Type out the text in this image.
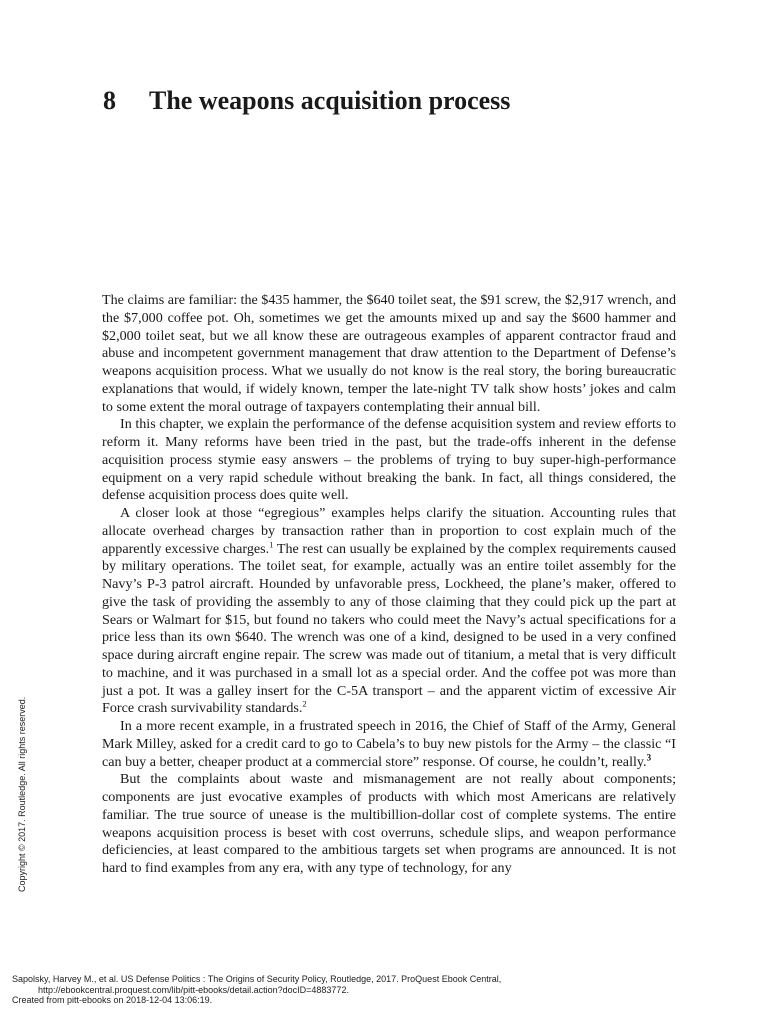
8 The weapons acquisition process

The claims are familiar: the $435 hammer, the $640 toilet seat, the $91 screw, the $2,917 wrench, and the $7,000 coffee pot. Oh, sometimes we get the amounts mixed up and say the $600 hammer and $2,000 toilet seat, but we all know these are outrageous examples of apparent contractor fraud and abuse and incompetent government management that draw attention to the Department of Defense’s weapons acquisition process. What we usually do not know is the real story, the boring bureaucratic explanations that would, if widely known, temper the late-night TV talk show hosts’ jokes and calm to some extent the moral outrage of taxpayers contemplating their annual bill.

In this chapter, we explain the performance of the defense acquisition system and review efforts to reform it. Many reforms have been tried in the past, but the trade-offs inherent in the defense acquisition process stymie easy answers – the problems of trying to buy super-high-performance equipment on a very rapid schedule without breaking the bank. In fact, all things considered, the defense acquisition process does quite well.

A closer look at those “egregious” examples helps clarify the situation. Accounting rules that allocate overhead charges by transaction rather than in proportion to cost explain much of the apparently excessive charges.$^1$ The rest can usually be explained by the complex requirements caused by military operations. The toilet seat, for example, actually was an entire toilet assembly for the Navy’s P-3 patrol aircraft. Hounded by unfavorable press, Lockheed, the plane’s maker, offered to give the task of providing the assembly to any of those claiming that they could pick up the part at Sears or Walmart for $15, but found no takers who could meet the Navy’s actual specifications for a price less than its own $640. The wrench was one of a kind, designed to be used in a very confined space during aircraft engine repair. The screw was made out of titanium, a metal that is very difficult to machine, and it was purchased in a small lot as a special order. And the coffee pot was more than just a pot. It was a galley insert for the C-5A transport – and the apparent victim of excessive Air Force crash survivability standards.$^2$

In a more recent example, in a frustrated speech in 2016, the Chief of Staff of the Army, General Mark Milley, asked for a credit card to go to Cabela’s to buy new pistols for the Army – the classic “I can buy a better, cheaper product at a commercial store” response. Of course, he couldn’t, really.$^3$

But the complaints about waste and mismanagement are not really about components; components are just evocative examples of products with which most Americans are relatively familiar. The true source of unease is the multibillion-dollar cost of complete systems. The entire weapons acquisition process is beset with cost overruns, schedule slips, and weapon performance deficiencies, at least compared to the ambitious targets set when programs are announced. It is not hard to find examples from any era, with any type of technology, for any

Copyright © 2017. Routledge. All rights reserved.
Sapolsky, Harvey M., et al. US Defense Politics : The Origins of Security Policy, Routledge, 2017. ProQuest Ebook Central,
http://ebookcentral.proquest.com/lib/pitt-ebooks/detail.action?docID=4883772.
Created from pitt-ebooks on 2018-12-04 13:06:19.
